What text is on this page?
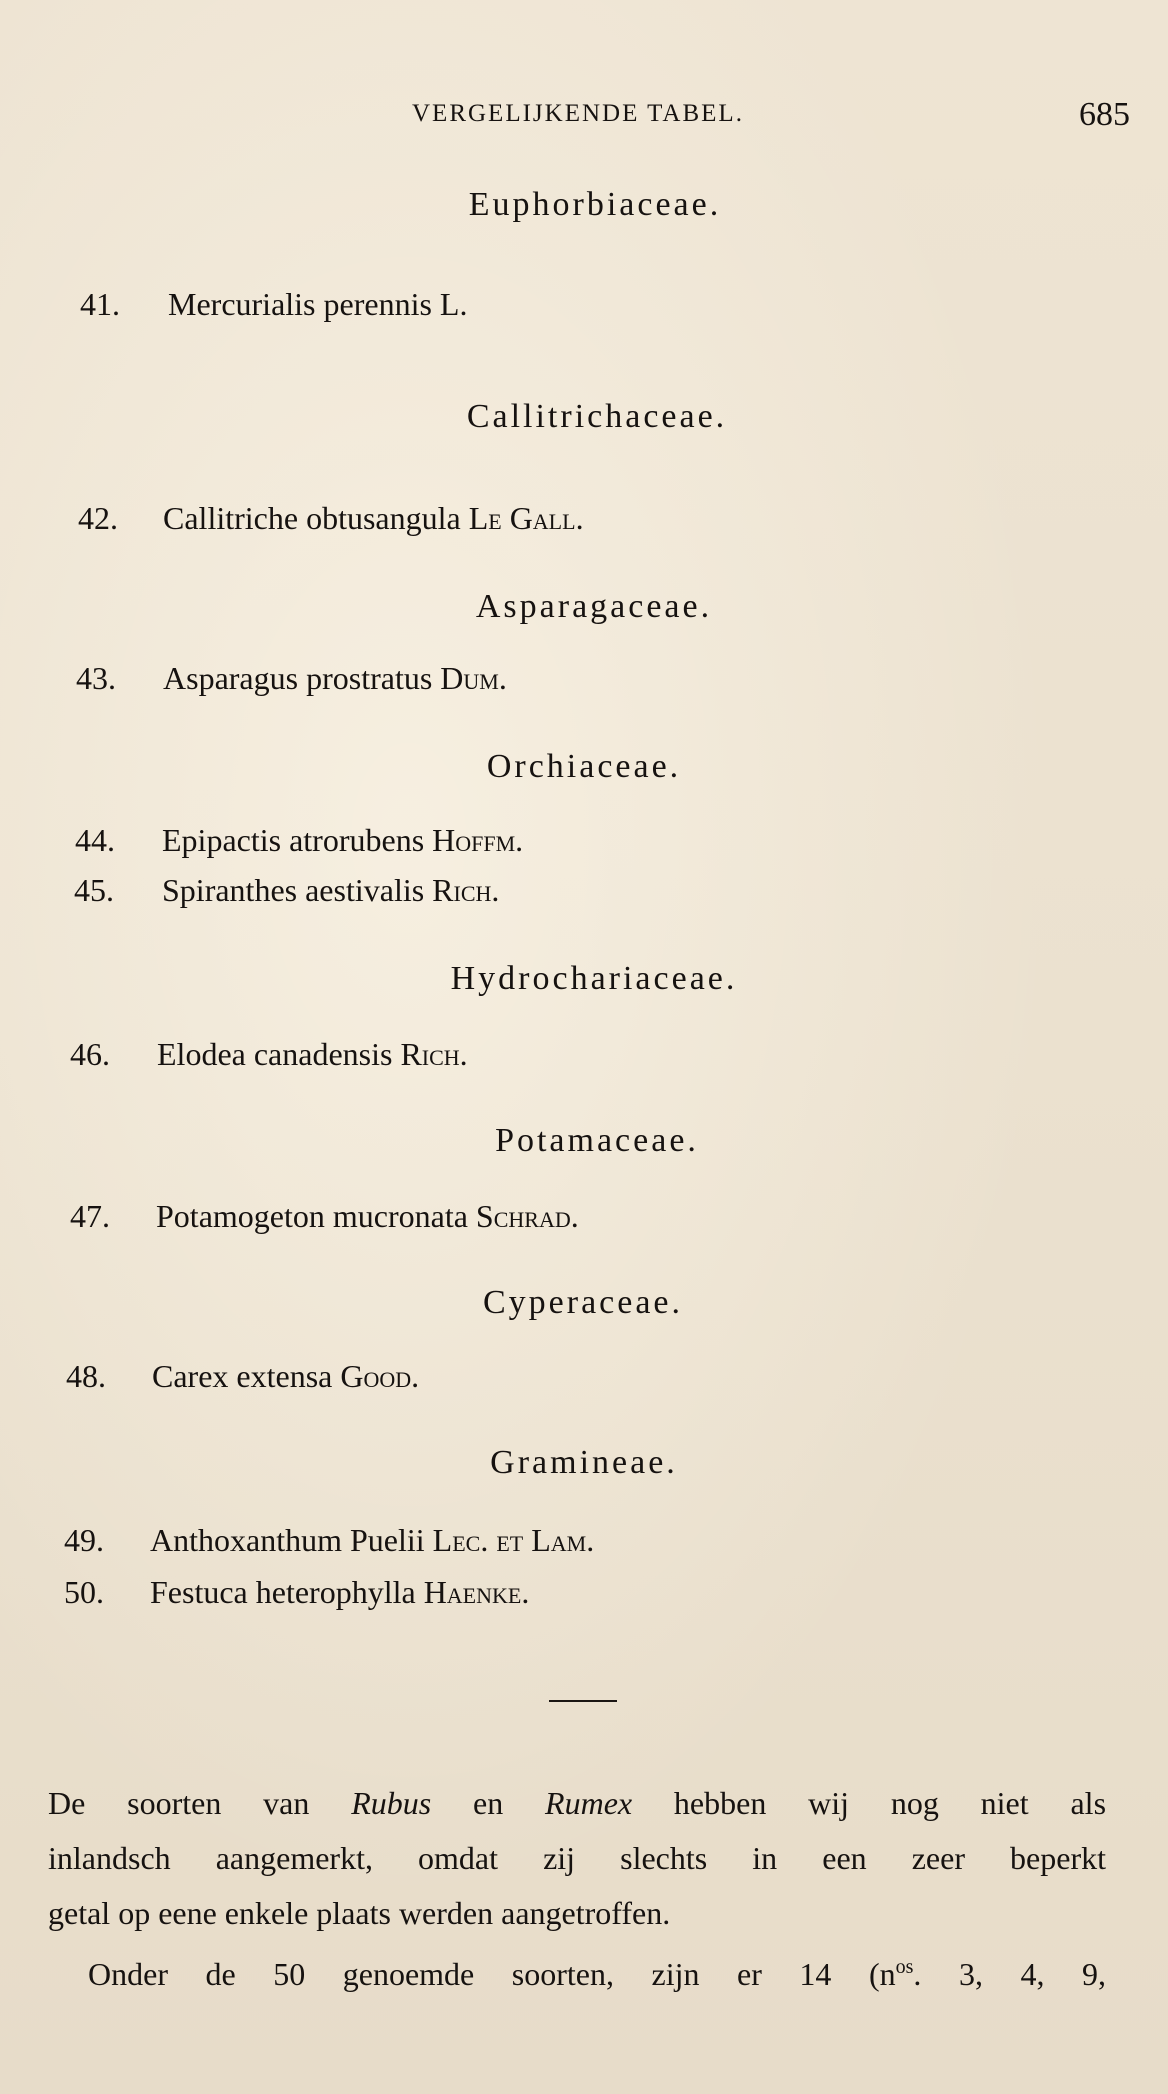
VERGELIJKENDE TABEL.	685
Euphorbiaceae.
41. Mercurialis perennis L.
Callitrichaceae.
42. Callitriche obtusangula Le Gall.
Asparagaceae.
43. Asparagus prostratus Dum.
Orchiaceae.
44. Epipactis atrorubens Hoffm.
45. Spiranthes aestivalis Rich.
Hydrochariaceae.
46. Elodea canadensis Rich.
Potamaceae.
47. Potamogeton mucronata Schrad.
Cyperaceae.
48. Carex extensa Good.
Gramineae.
49. Anthoxanthum Puelii Lec. et Lam.
50. Festuca heterophylla Haenke.
De soorten van Rubus en Rumex hebben wij nog niet als
inlandsch aangemerkt, omdat zij slechts in een zeer beperkt
getal op eene enkele plaats werden aangetroffen.
Onder de 50 genoemde soorten, zijn er 14 ($n^{os}$. 3, 4, 9,
